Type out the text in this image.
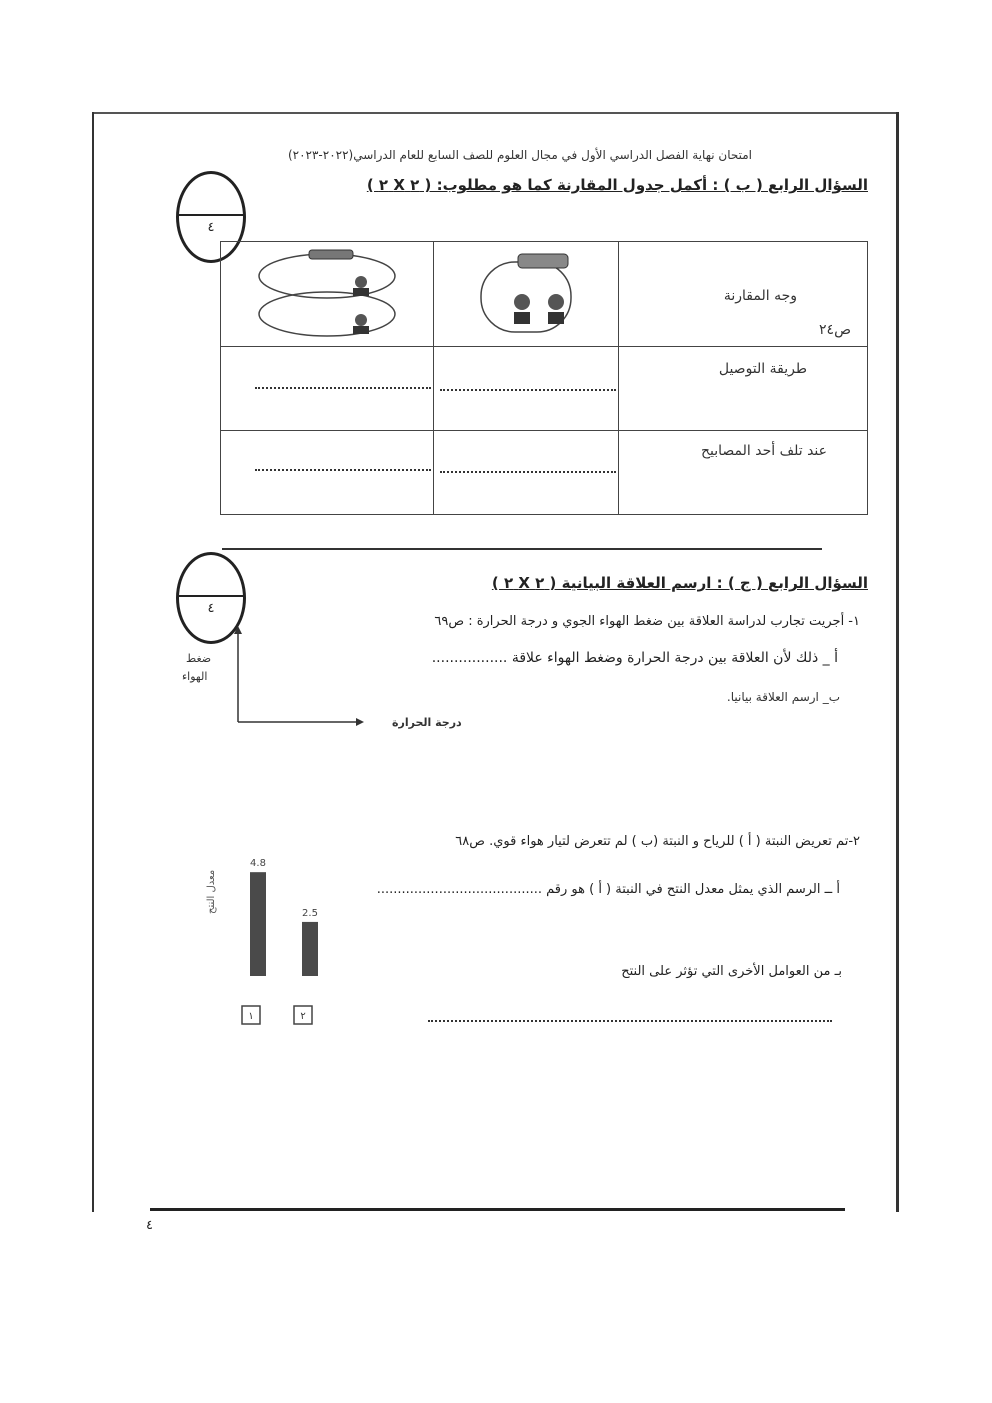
امتحان نهاية الفصل الدراسي الأول في مجال العلوم للصف السابع للعام الدراسي(٢٠٢٢-٢٠٢٣)
السؤال الرابع ( ب ) : أكمل جدول المقارنة كما هو مطلوب: ( ٢ X ٢ )
٤

وجه المقارنة
ص٢٤

		طريقة التوصيل

		عند تلف أحد المصابيح
السؤال الرابع ( ج ) : ارسم العلاقة البيانية ( ٢ X ٢ )
٤
١- أجريت تجارب لدراسة العلاقة بين ضغط الهواء الجوي و درجة الحرارة : ص٦٩
أ _ ذلك لأن العلاقة بين درجة الحرارة وضغط الهواء علاقة .................
ب_ ارسم العلاقة بيانيا.
ضغط
الهواء
درجة الحرارة
٢-تم تعريض النبتة ( أ ) للرياح و النبتة (ب ) لم تتعرض لتيار هواء قوي. ص٦٨
أ ــ الرسم الذي يمثل معدل النتح في النبتة ( أ ) هو رقم ........................................
بـ من العوامل الأخرى التي تؤثر على النتح
معدل النتح
4.8
١
2.5
٢
٤
